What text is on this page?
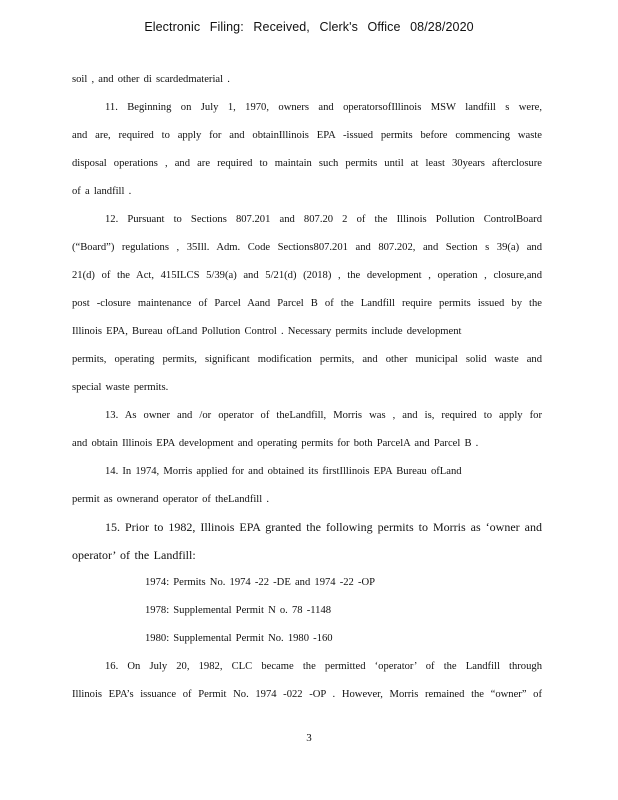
Electronic Filing: Received, Clerk's Office 08/28/2020
soil , and other di scardedmaterial .
11. Beginning on July 1, 1970, owners and operatorsofIllinois MSW landfill s were,
and are, required to apply for and obtainIllinois EPA -issued permits before commencing waste
disposal operations , and are required to maintain such permits until at least 30years afterclosure
of a landfill .
12. Pursuant to Sections 807.201 and 807.20 2 of the Illinois Pollution ControlBoard
(“Board”) regulations , 35Ill. Adm. Code Sections807.201 and 807.202, and Section s 39(a) and
21(d) of the Act, 415ILCS 5/39(a) and 5/21(d) (2018) , the development , operation , closure,and
post -closure maintenance of Parcel Aand Parcel B of the Landfill require permits issued by the
Illinois EPA, Bureau ofLand Pollution Control . Necessary permits include development
permits, operating permits, significant modification permits, and other municipal solid waste and
special waste permits.
13. As owner and /or operator of theLandfill, Morris was , and is, required to apply for
and obtain Illinois EPA development and operating permits for both ParcelA and Parcel B .
14. In 1974, Morris applied for and obtained its firstIllinois EPA Bureau ofLand
permit as ownerand operator of theLandfill .
15. Prior to 1982, Illinois EPA granted the following permits to Morris as ‘owner and
operator’ of the Landfill:
1974: Permits No. 1974 -22 -DE and 1974 -22 -OP
1978: Supplemental Permit N o. 78 -1148
1980: Supplemental Permit No. 1980 -160
16. On July 20, 1982, CLC became the permitted ‘operator’ of the Landfill through
Illinois EPA’s issuance of Permit No. 1974 -022 -OP . However, Morris remained the “owner” of
3
